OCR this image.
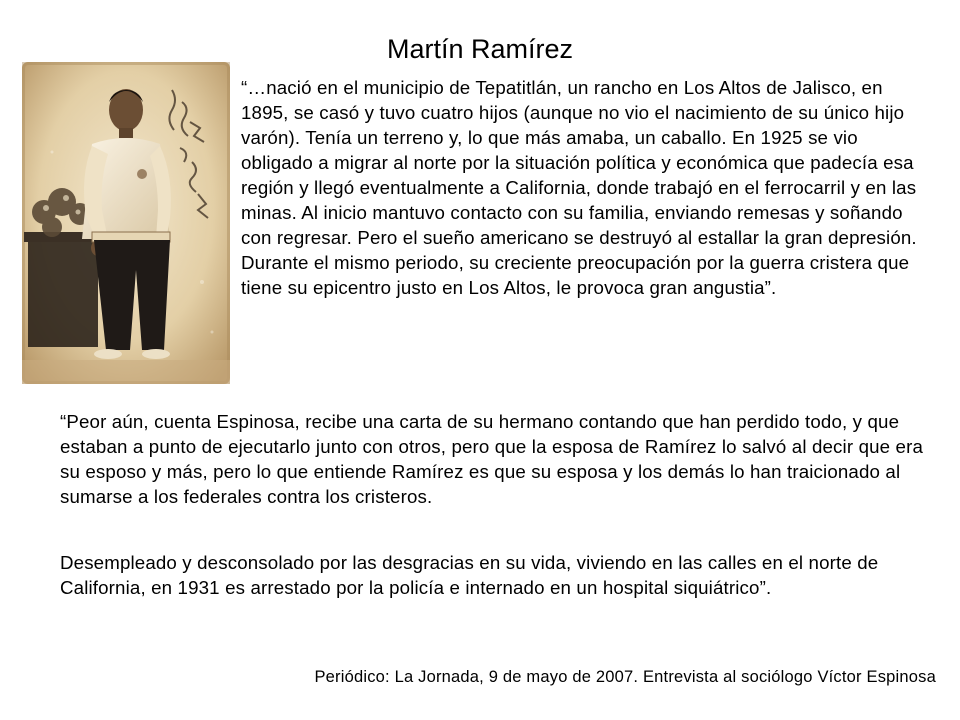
Martín Ramírez

“…nació en el municipio de Tepatitlán, un rancho en Los Altos de Jalisco, en 1895, se casó y tuvo cuatro hijos (aunque no vio el nacimiento de su único hijo varón). Tenía un terreno y, lo que más amaba, un caballo. En 1925 se vio obligado a migrar al norte por la situación política y económica que padecía esa región y llegó eventualmente a California, donde trabajó en el ferrocarril y en las minas. Al inicio mantuvo contacto con su familia, enviando remesas y soñando con regresar. Pero el sueño americano se destruyó al estallar la gran depresión. Durante el mismo periodo, su creciente preocupación por la guerra cristera que tiene su epicentro justo en Los Altos, le provoca gran angustia”.

“Peor aún, cuenta Espinosa, recibe una carta de su hermano contando que han perdido todo, y que estaban a punto de ejecutarlo junto con otros, pero que la esposa de Ramírez lo salvó al decir que era su esposo y más, pero lo que entiende Ramírez es que su esposa y los demás lo han traicionado al sumarse a los federales contra los cristeros.

Desempleado y desconsolado por las desgracias en su vida, viviendo en las calles en el norte de California, en 1931 es arrestado por la policía e internado en un hospital siquiátrico”.

Periódico: La Jornada, 9 de mayo de 2007. Entrevista al sociólogo Víctor Espinosa
